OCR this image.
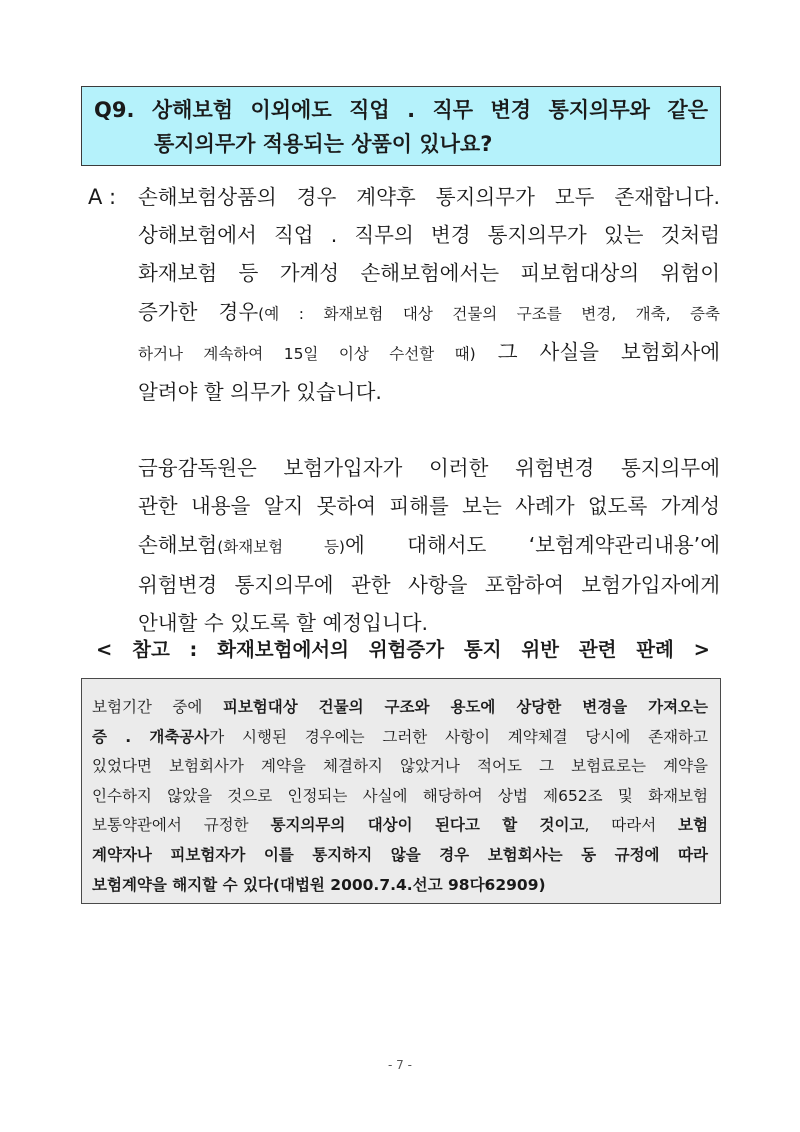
Q9. 상해보험 이외에도 직업 . 직무 변경 통지의무와 같은
통지의무가 적용되는 상품이 있나요?
A :	손해보험상품의 경우 계약후 통지의무가 모두 존재합니다.
상해보험에서 직업 . 직무의 변경 통지의무가 있는 것처럼
화재보험 등 가계성 손해보험에서는 피보험대상의 위험이
증가한 경우(예 : 화재보험 대상 건물의 구조를 변경, 개축, 증축
하거나 계속하여 15일 이상 수선할 때) 그 사실을 보험회사에
알려야 할 의무가 있습니다.
금융감독원은 보험가입자가 이러한 위험변경 통지의무에
관한 내용을 알지 못하여 피해를 보는 사례가 없도록 가계성
손해보험(화재보험 등)에 대해서도 ‘보험계약관리내용’에
위험변경 통지의무에 관한 사항을 포함하여 보험가입자에게
안내할 수 있도록 할 예정입니다.
< 참고 : 화재보험에서의 위험증가 통지 위반 관련 판례 >
보험기간 중에 피보험대상 건물의 구조와 용도에 상당한 변경을 가져오는
증 . 개축공사가 시행된 경우에는 그러한 사항이 계약체결 당시에 존재하고
있었다면 보험회사가 계약을 체결하지 않았거나 적어도 그 보험료로는 계약을
인수하지 않았을 것으로 인정되는 사실에 해당하여 상법 제652조 및 화재보험
보통약관에서 규정한 통지의무의 대상이 된다고 할 것이고, 따라서 보험
계약자나 피보험자가 이를 통지하지 않을 경우 보험회사는 동 규정에 따라
보험계약을 해지할 수 있다(대법원 2000.7.4.선고 98다62909)
- 7 -
